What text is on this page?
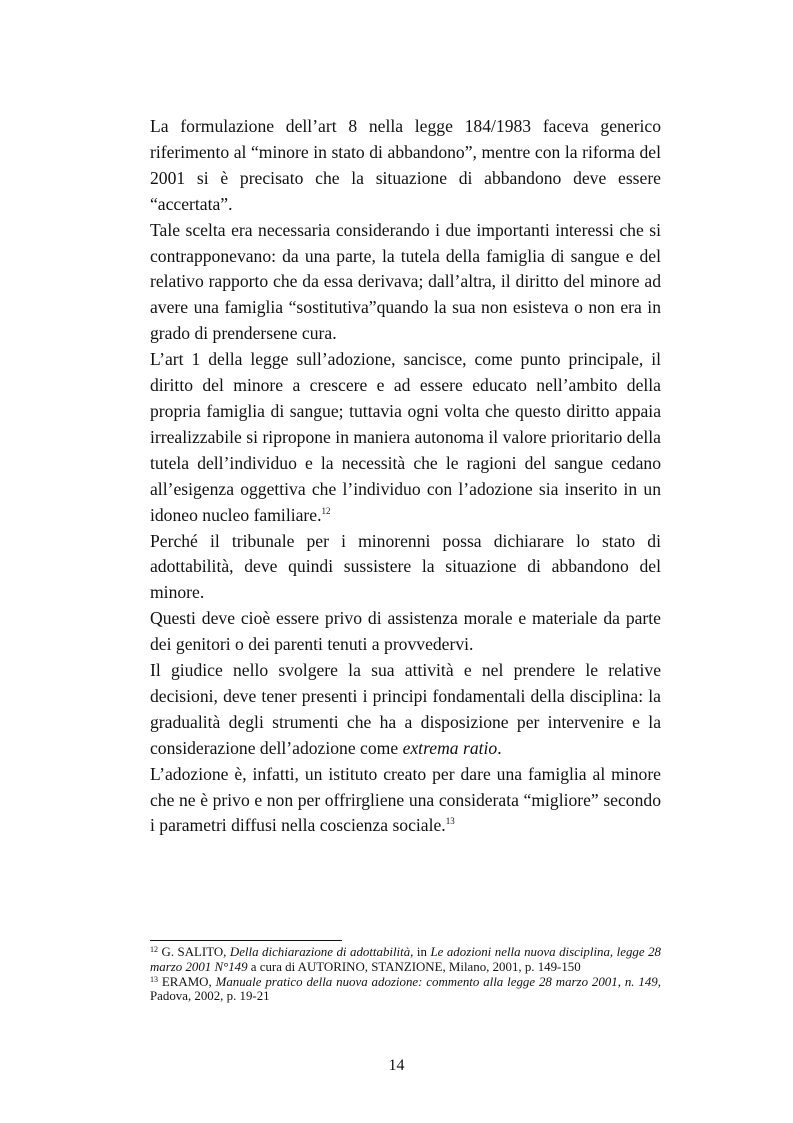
La formulazione dell’art 8 nella legge 184/1983 faceva generico riferimento al “minore in stato di abbandono”, mentre con la riforma del 2001 si è precisato che la situazione di abbandono deve essere “accertata”.

Tale scelta era necessaria considerando i due importanti interessi che si contrapponevano: da una parte, la tutela della famiglia di sangue e del relativo rapporto che da essa derivava; dall’altra, il diritto del minore ad avere una famiglia “sostitutiva”quando la sua non esisteva o non era in grado di prendersene cura.

L’art 1 della legge sull’adozione, sancisce, come punto principale, il diritto del minore a crescere e ad essere educato nell’ambito della propria famiglia di sangue; tuttavia ogni volta che questo diritto appaia irrealizzabile si ripropone in maniera autonoma il valore prioritario della tutela dell’individuo e la necessità che le ragioni del sangue cedano all’esigenza oggettiva che l’individuo con l’adozione sia inserito in un idoneo nucleo familiare.$^{12}$

Perché il tribunale per i minorenni possa dichiarare lo stato di adottabilità, deve quindi sussistere la situazione di abbandono del minore.

Questi deve cioè essere privo di assistenza morale e materiale da parte dei genitori o dei parenti tenuti a provvedervi.

Il giudice nello svolgere la sua attività e nel prendere le relative decisioni, deve tener presenti i principi fondamentali della disciplina: la gradualità degli strumenti che ha a disposizione per intervenire e la considerazione dell’adozione come extrema ratio.

L’adozione è, infatti, un istituto creato per dare una famiglia al minore che ne è privo e non per offrirgliene una considerata “migliore” secondo i parametri diffusi nella coscienza sociale.$^{13}$

$^{12}$ G. SALITO, Della dichiarazione di adottabilità, in Le adozioni nella nuova disciplina, legge 28 marzo 2001 N°149 a cura di AUTORINO, STANZIONE, Milano, 2001, p. 149-150

$^{13}$ ERAMO, Manuale pratico della nuova adozione: commento alla legge 28 marzo 2001, n. 149, Padova, 2002, p. 19-21

14
